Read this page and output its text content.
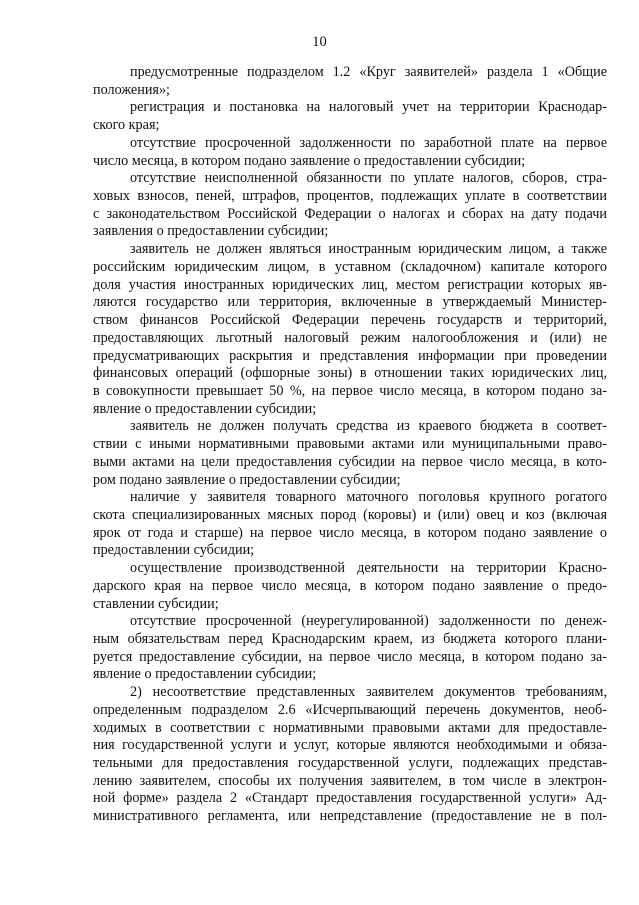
10
предусмотренные подразделом 1.2 «Круг заявителей» раздела 1 «Общие
положения»;
регистрация и постановка на налоговый учет на территории Краснодар-
ского края;
отсутствие просроченной задолженности по заработной плате на первое
число месяца, в котором подано заявление о предоставлении субсидии;
отсутствие неисполненной обязанности по уплате налогов, сборов, стра-
ховых взносов, пеней, штрафов, процентов, подлежащих уплате в соответствии
с законодательством Российской Федерации о налогах и сборах на дату подачи
заявления о предоставлении субсидии;
заявитель не должен являться иностранным юридическим лицом, а также
российским юридическим лицом, в уставном (складочном) капитале которого
доля участия иностранных юридических лиц, местом регистрации которых яв-
ляются государство или территория, включенные в утверждаемый Министер-
ством финансов Российской Федерации перечень государств и территорий,
предоставляющих льготный налоговый режим налогообложения и (или) не
предусматривающих раскрытия и представления информации при проведении
финансовых операций (офшорные зоны) в отношении таких юридических лиц,
в совокупности превышает 50 %, на первое число месяца, в котором подано за-
явление о предоставлении субсидии;
заявитель не должен получать средства из краевого бюджета в соответ-
ствии с иными нормативными правовыми актами или муниципальными право-
выми актами на цели предоставления субсидии на первое число месяца, в кото-
ром подано заявление о предоставлении субсидии;
наличие у заявителя товарного маточного поголовья крупного рогатого
скота специализированных мясных пород (коровы) и (или) овец и коз (включая
ярок от года и старше) на первое число месяца, в котором подано заявление о
предоставлении субсидии;
осуществление производственной деятельности на территории Красно-
дарского края на первое число месяца, в котором подано заявление о предо-
ставлении субсидии;
отсутствие просроченной (неурегулированной) задолженности по денеж-
ным обязательствам перед Краснодарским краем, из бюджета которого плани-
руется предоставление субсидии, на первое число месяца, в котором подано за-
явление о предоставлении субсидии;
2) несоответствие представленных заявителем документов требованиям,
определенным подразделом 2.6 «Исчерпывающий перечень документов, необ-
ходимых в соответствии с нормативными правовыми актами для предоставле-
ния государственной услуги и услуг, которые являются необходимыми и обяза-
тельными для предоставления государственной услуги, подлежащих представ-
лению заявителем, способы их получения заявителем, в том числе в электрон-
ной форме» раздела 2 «Стандарт предоставления государственной услуги» Ад-
министративного регламента, или непредставление (предоставление не в пол-
